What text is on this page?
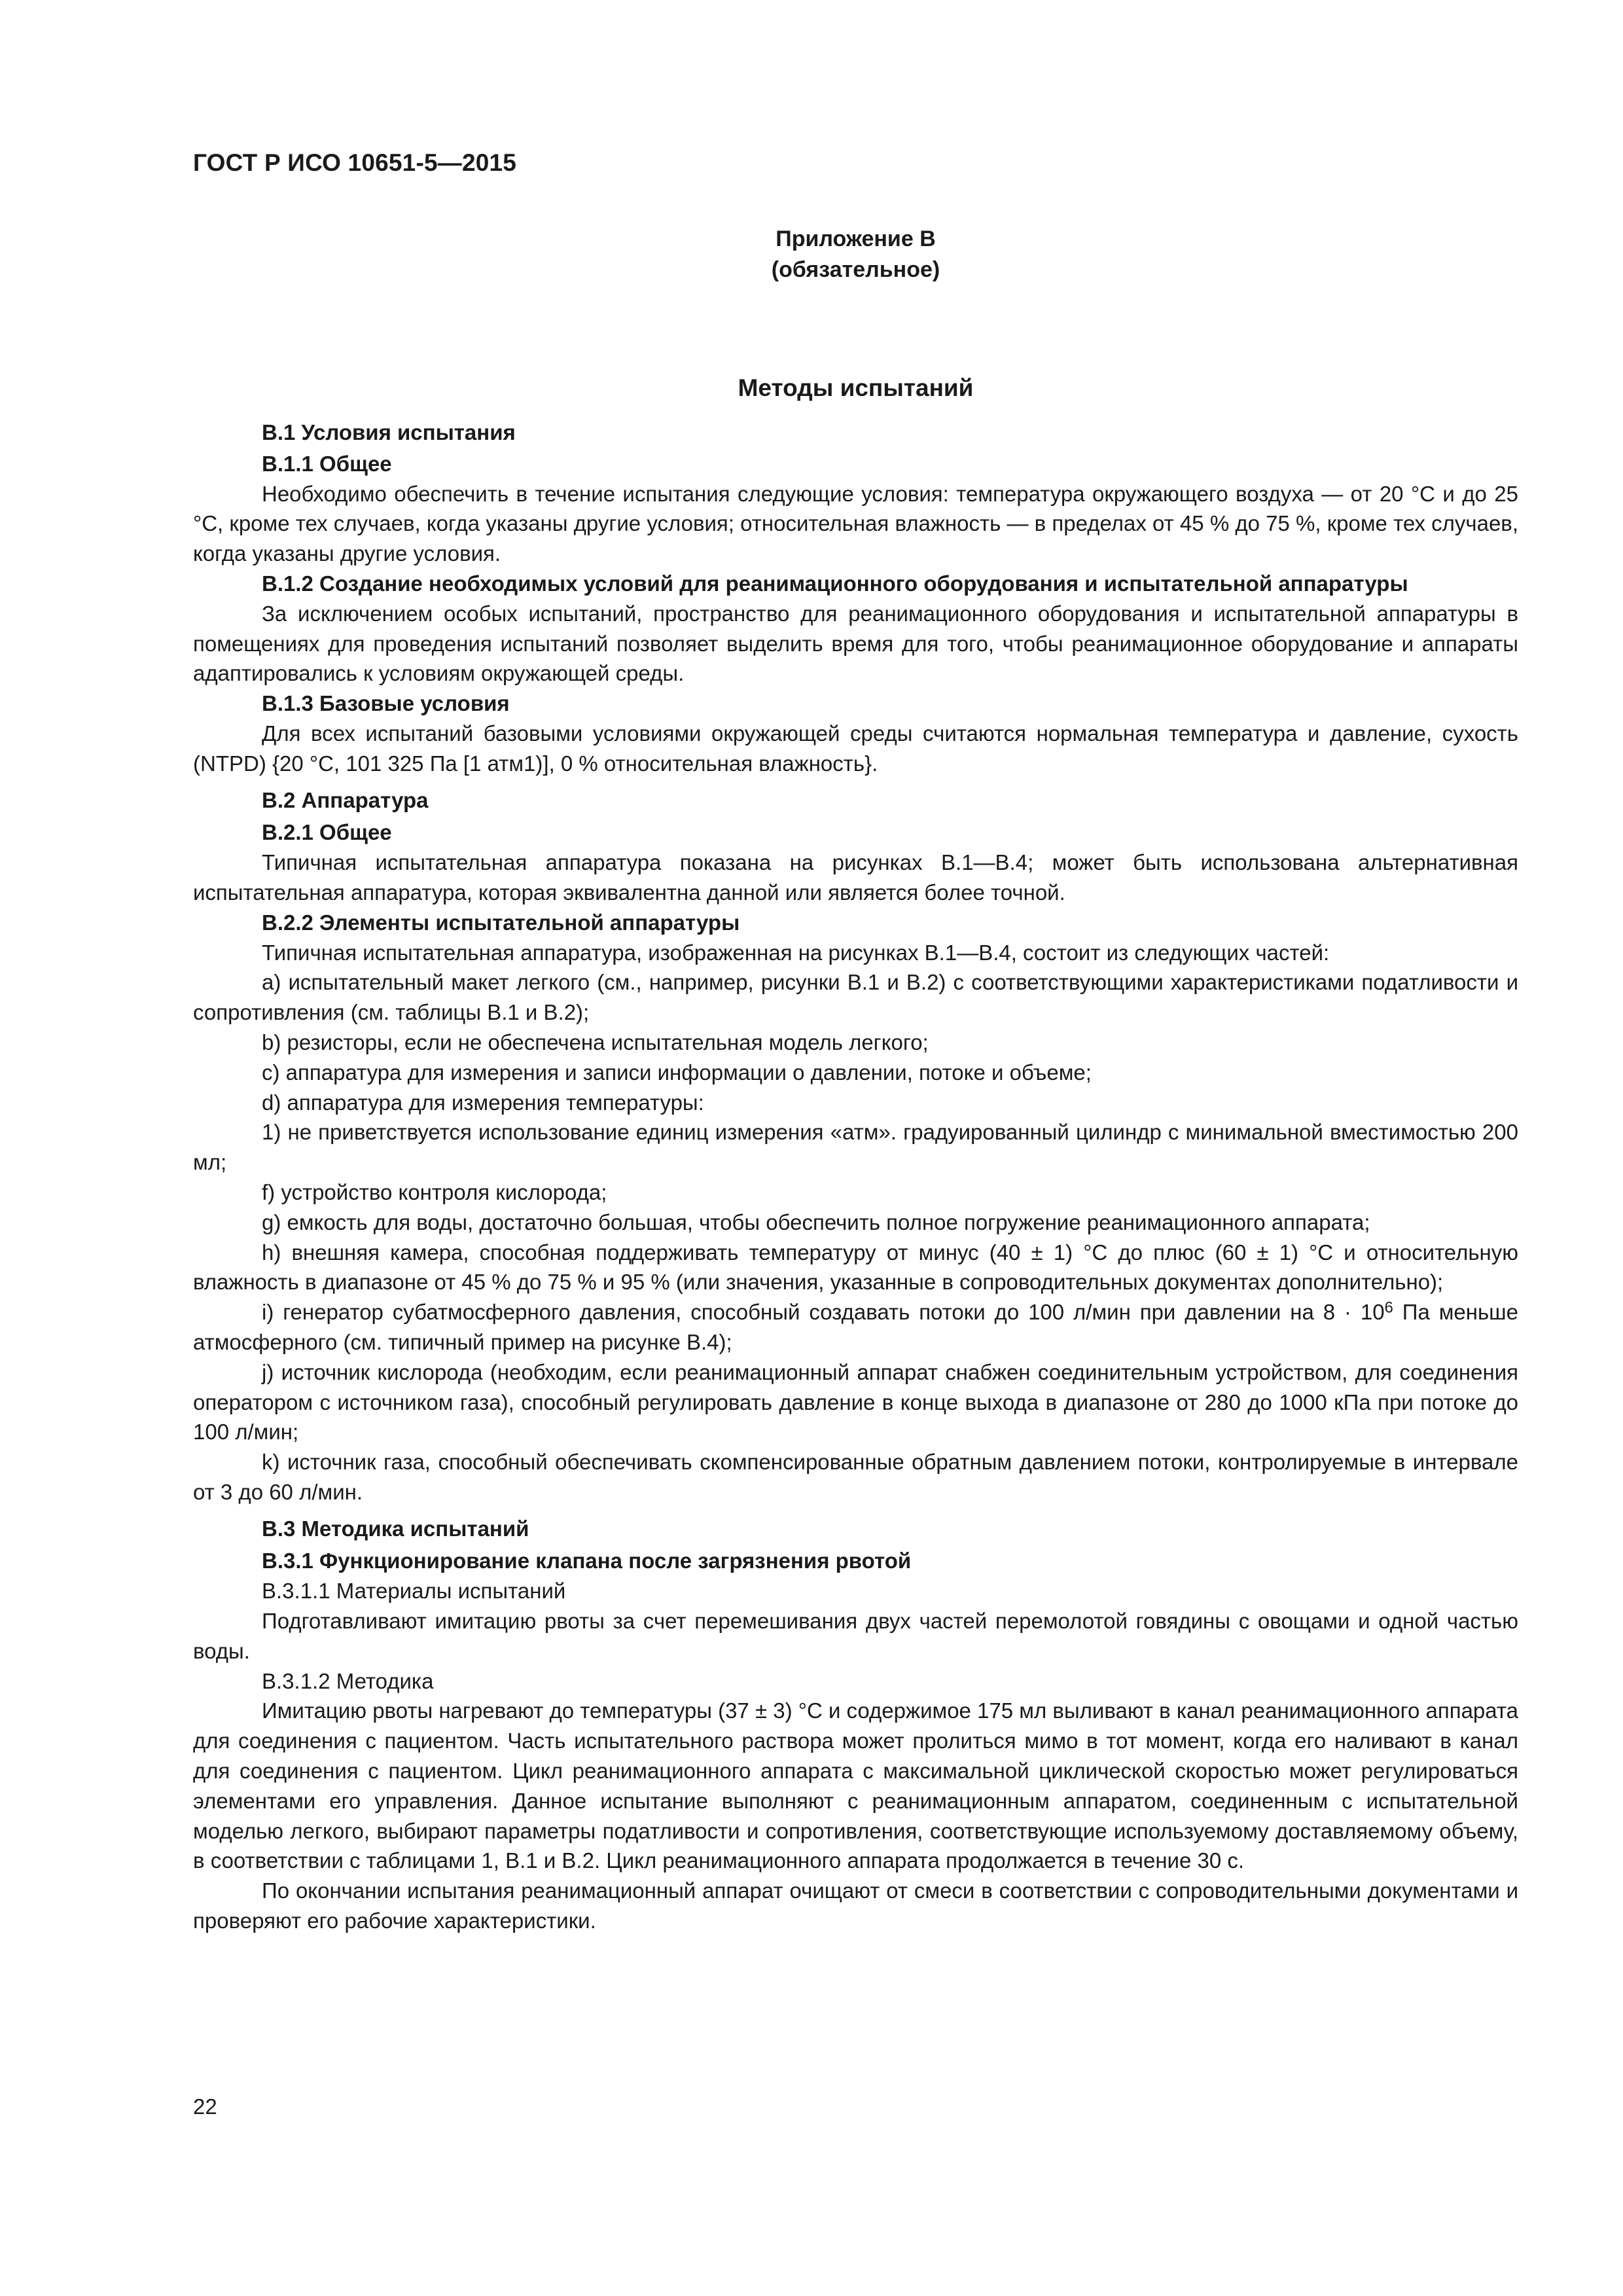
ГОСТ Р ИСО 10651-5—2015
Приложение В
(обязательное)
Методы испытаний

В.1 Условия испытания

В.1.1 Общее

Необходимо обеспечить в течение испытания следующие условия: температура окружающего воздуха — от 20 °С и до 25 °С, кроме тех случаев, когда указаны другие условия; относительная влажность — в пределах от 45 % до 75 %, кроме тех случаев, когда указаны другие условия.

В.1.2 Создание необходимых условий для реанимационного оборудования и испытательной аппаратуры

За исключением особых испытаний, пространство для реанимационного оборудования и испытательной аппаратуры в помещениях для проведения испытаний позволяет выделить время для того, чтобы реанимационное оборудование и аппараты адаптировались к условиям окружающей среды.

В.1.3 Базовые условия

Для всех испытаний базовыми условиями окружающей среды считаются нормальная температура и давление, сухость (NTPD) {20 °С, 101 325 Па [1 атм1)], 0 % относительная влажность}.

В.2 Аппаратура

В.2.1 Общее

Типичная испытательная аппаратура показана на рисунках В.1—В.4; может быть использована альтернативная испытательная аппаратура, которая эквивалентна данной или является более точной.

В.2.2 Элементы испытательной аппаратуры

Типичная испытательная аппаратура, изображенная на рисунках В.1—В.4, состоит из следующих частей:

а) испытательный макет легкого (см., например, рисунки В.1 и В.2) с соответствующими характеристиками податливости и сопротивления (см. таблицы В.1 и В.2);

b) резисторы, если не обеспечена испытательная модель легкого;

c) аппаратура для измерения и записи информации о давлении, потоке и объеме;

d) аппаратура для измерения температуры:

1) не приветствуется использование единиц измерения «атм». градуированный цилиндр с минимальной вместимостью 200 мл;

f) устройство контроля кислорода;

g) емкость для воды, достаточно большая, чтобы обеспечить полное погружение реанимационного аппарата;

h) внешняя камера, способная поддерживать температуру от минус (40 ± 1) °С до плюс (60 ± 1) °С и относительную влажность в диапазоне от 45 % до 75 % и 95 % (или значения, указанные в сопроводительных документах дополнительно);

i) генератор субатмосферного давления, способный создавать потоки до 100 л/мин при давлении на $8 \cdot 10^6$ Па меньше атмосферного (см. типичный пример на рисунке В.4);

j) источник кислорода (необходим, если реанимационный аппарат снабжен соединительным устройством, для соединения оператором с источником газа), способный регулировать давление в конце выхода в диапазоне от 280 до 1000 кПа при потоке до 100 л/мин;

k) источник газа, способный обеспечивать скомпенсированные обратным давлением потоки, контролируемые в интервале от 3 до 60 л/мин.

В.3 Методика испытаний

В.3.1 Функционирование клапана после загрязнения рвотой

В.3.1.1 Материалы испытаний

Подготавливают имитацию рвоты за счет перемешивания двух частей перемолотой говядины с овощами и одной частью воды.

В.3.1.2 Методика

Имитацию рвоты нагревают до температуры (37 ± 3) °С и содержимое 175 мл выливают в канал реанимационного аппарата для соединения с пациентом. Часть испытательного раствора может пролиться мимо в тот момент, когда его наливают в канал для соединения с пациентом. Цикл реанимационного аппарата с максимальной циклической скоростью может регулироваться элементами его управления. Данное испытание выполняют с реанимационным аппаратом, соединенным с испытательной моделью легкого, выбирают параметры податливости и сопротивления, соответствующие используемому доставляемому объему, в соответствии с таблицами 1, В.1 и В.2. Цикл реанимационного аппарата продолжается в течение 30 с.

По окончании испытания реанимационный аппарат очищают от смеси в соответствии с сопроводительными документами и проверяют его рабочие характеристики.

22
